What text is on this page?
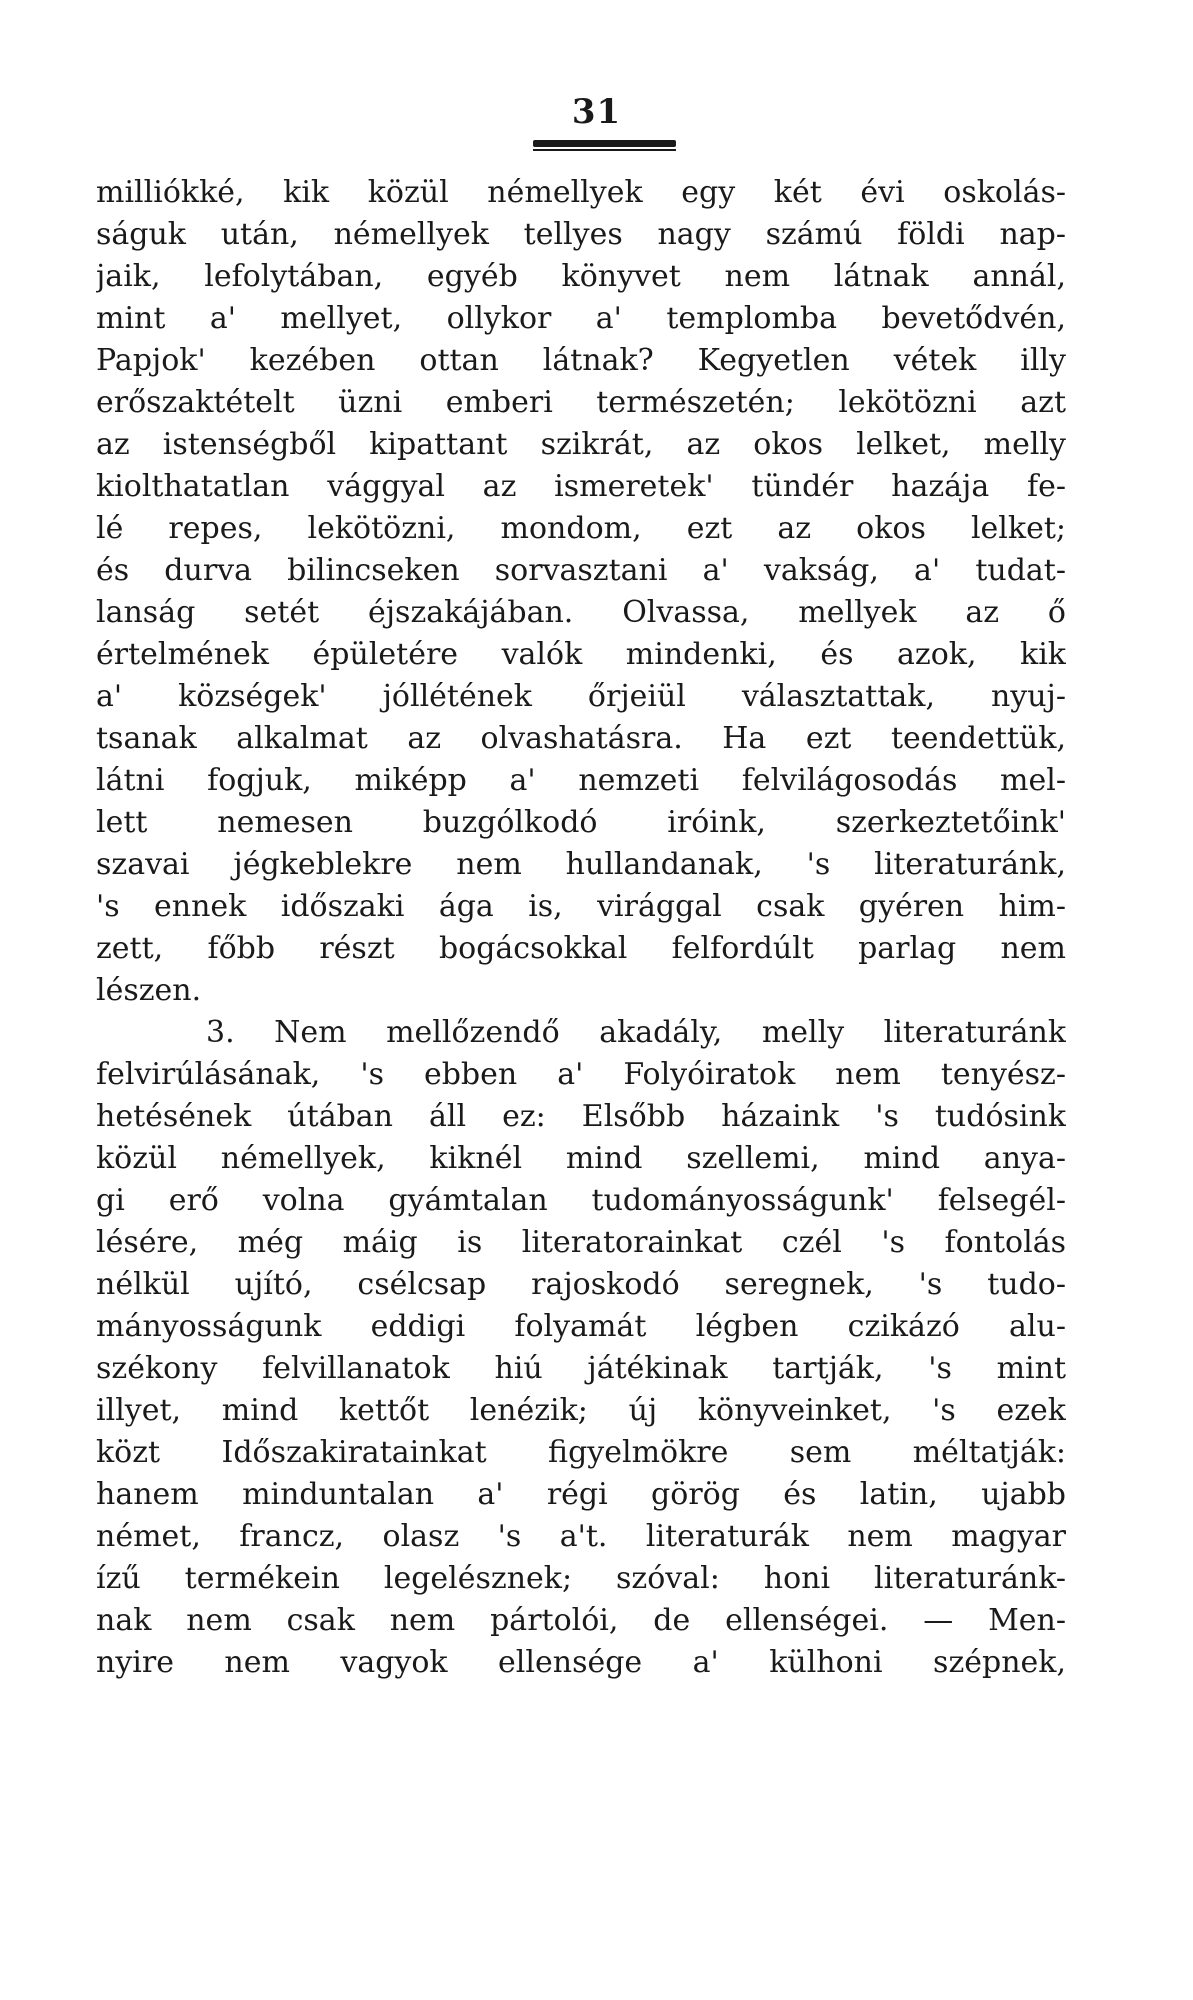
31
milliókké, kik közül némellyek egy két évi oskolás-
ságuk után, némellyek tellyes nagy számú földi nap-
jaik, lefolytában, egyéb könyvet nem látnak annál,
mint a' mellyet, ollykor a' templomba bevetődvén,
Papjok' kezében ottan látnak? Kegyetlen vétek illy
erőszaktételt üzni emberi természetén; lekötözni azt
az istenségből kipattant szikrát, az okos lelket, melly
kiolthatatlan vággyal az ismeretek' tündér hazája fe-
lé repes, lekötözni, mondom, ezt az okos lelket;
és durva bilincseken sorvasztani a' vakság, a' tudat-
lanság setét éjszakájában. Olvassa, mellyek az ő
értelmének épületére valók mindenki, és azok, kik
a' községek' jóllétének őrjeiül választattak, nyuj-
tsanak alkalmat az olvashatásra. Ha ezt teendettük,
látni fogjuk, miképp a' nemzeti felvilágosodás mel-
lett nemesen buzgólkodó iróink, szerkeztetőink'
szavai jégkeblekre nem hullandanak, 's literaturánk,
's ennek időszaki ága is, virággal csak gyéren him-
zett, főbb részt bogácsokkal felfordúlt parlag nem
lészen.
3. Nem mellőzendő akadály, melly literaturánk
felvirúlásának, 's ebben a' Folyóiratok nem tenyész-
hetésének útában áll ez: Elsőbb házaink 's tudósink
közül némellyek, kiknél mind szellemi, mind anya-
gi erő volna gyámtalan tudományosságunk' felsegél-
lésére, még máig is literatorainkat czél 's fontolás
nélkül ujító, csélcsap rajoskodó seregnek, 's tudo-
mányosságunk eddigi folyamát légben czikázó alu-
székony felvillanatok hiú játékinak tartják, 's mint
illyet, mind kettőt lenézik; új könyveinket, 's ezek
közt Időszakiratainkat figyelmökre sem méltatják:
hanem minduntalan a' régi görög és latin, ujabb
német, francz, olasz 's a't. literaturák nem magyar
ízű termékein legelésznek; szóval: honi literaturánk-
nak nem csak nem pártolói, de ellenségei. — Men-
nyire nem vagyok ellensége a' külhoni szépnek,
